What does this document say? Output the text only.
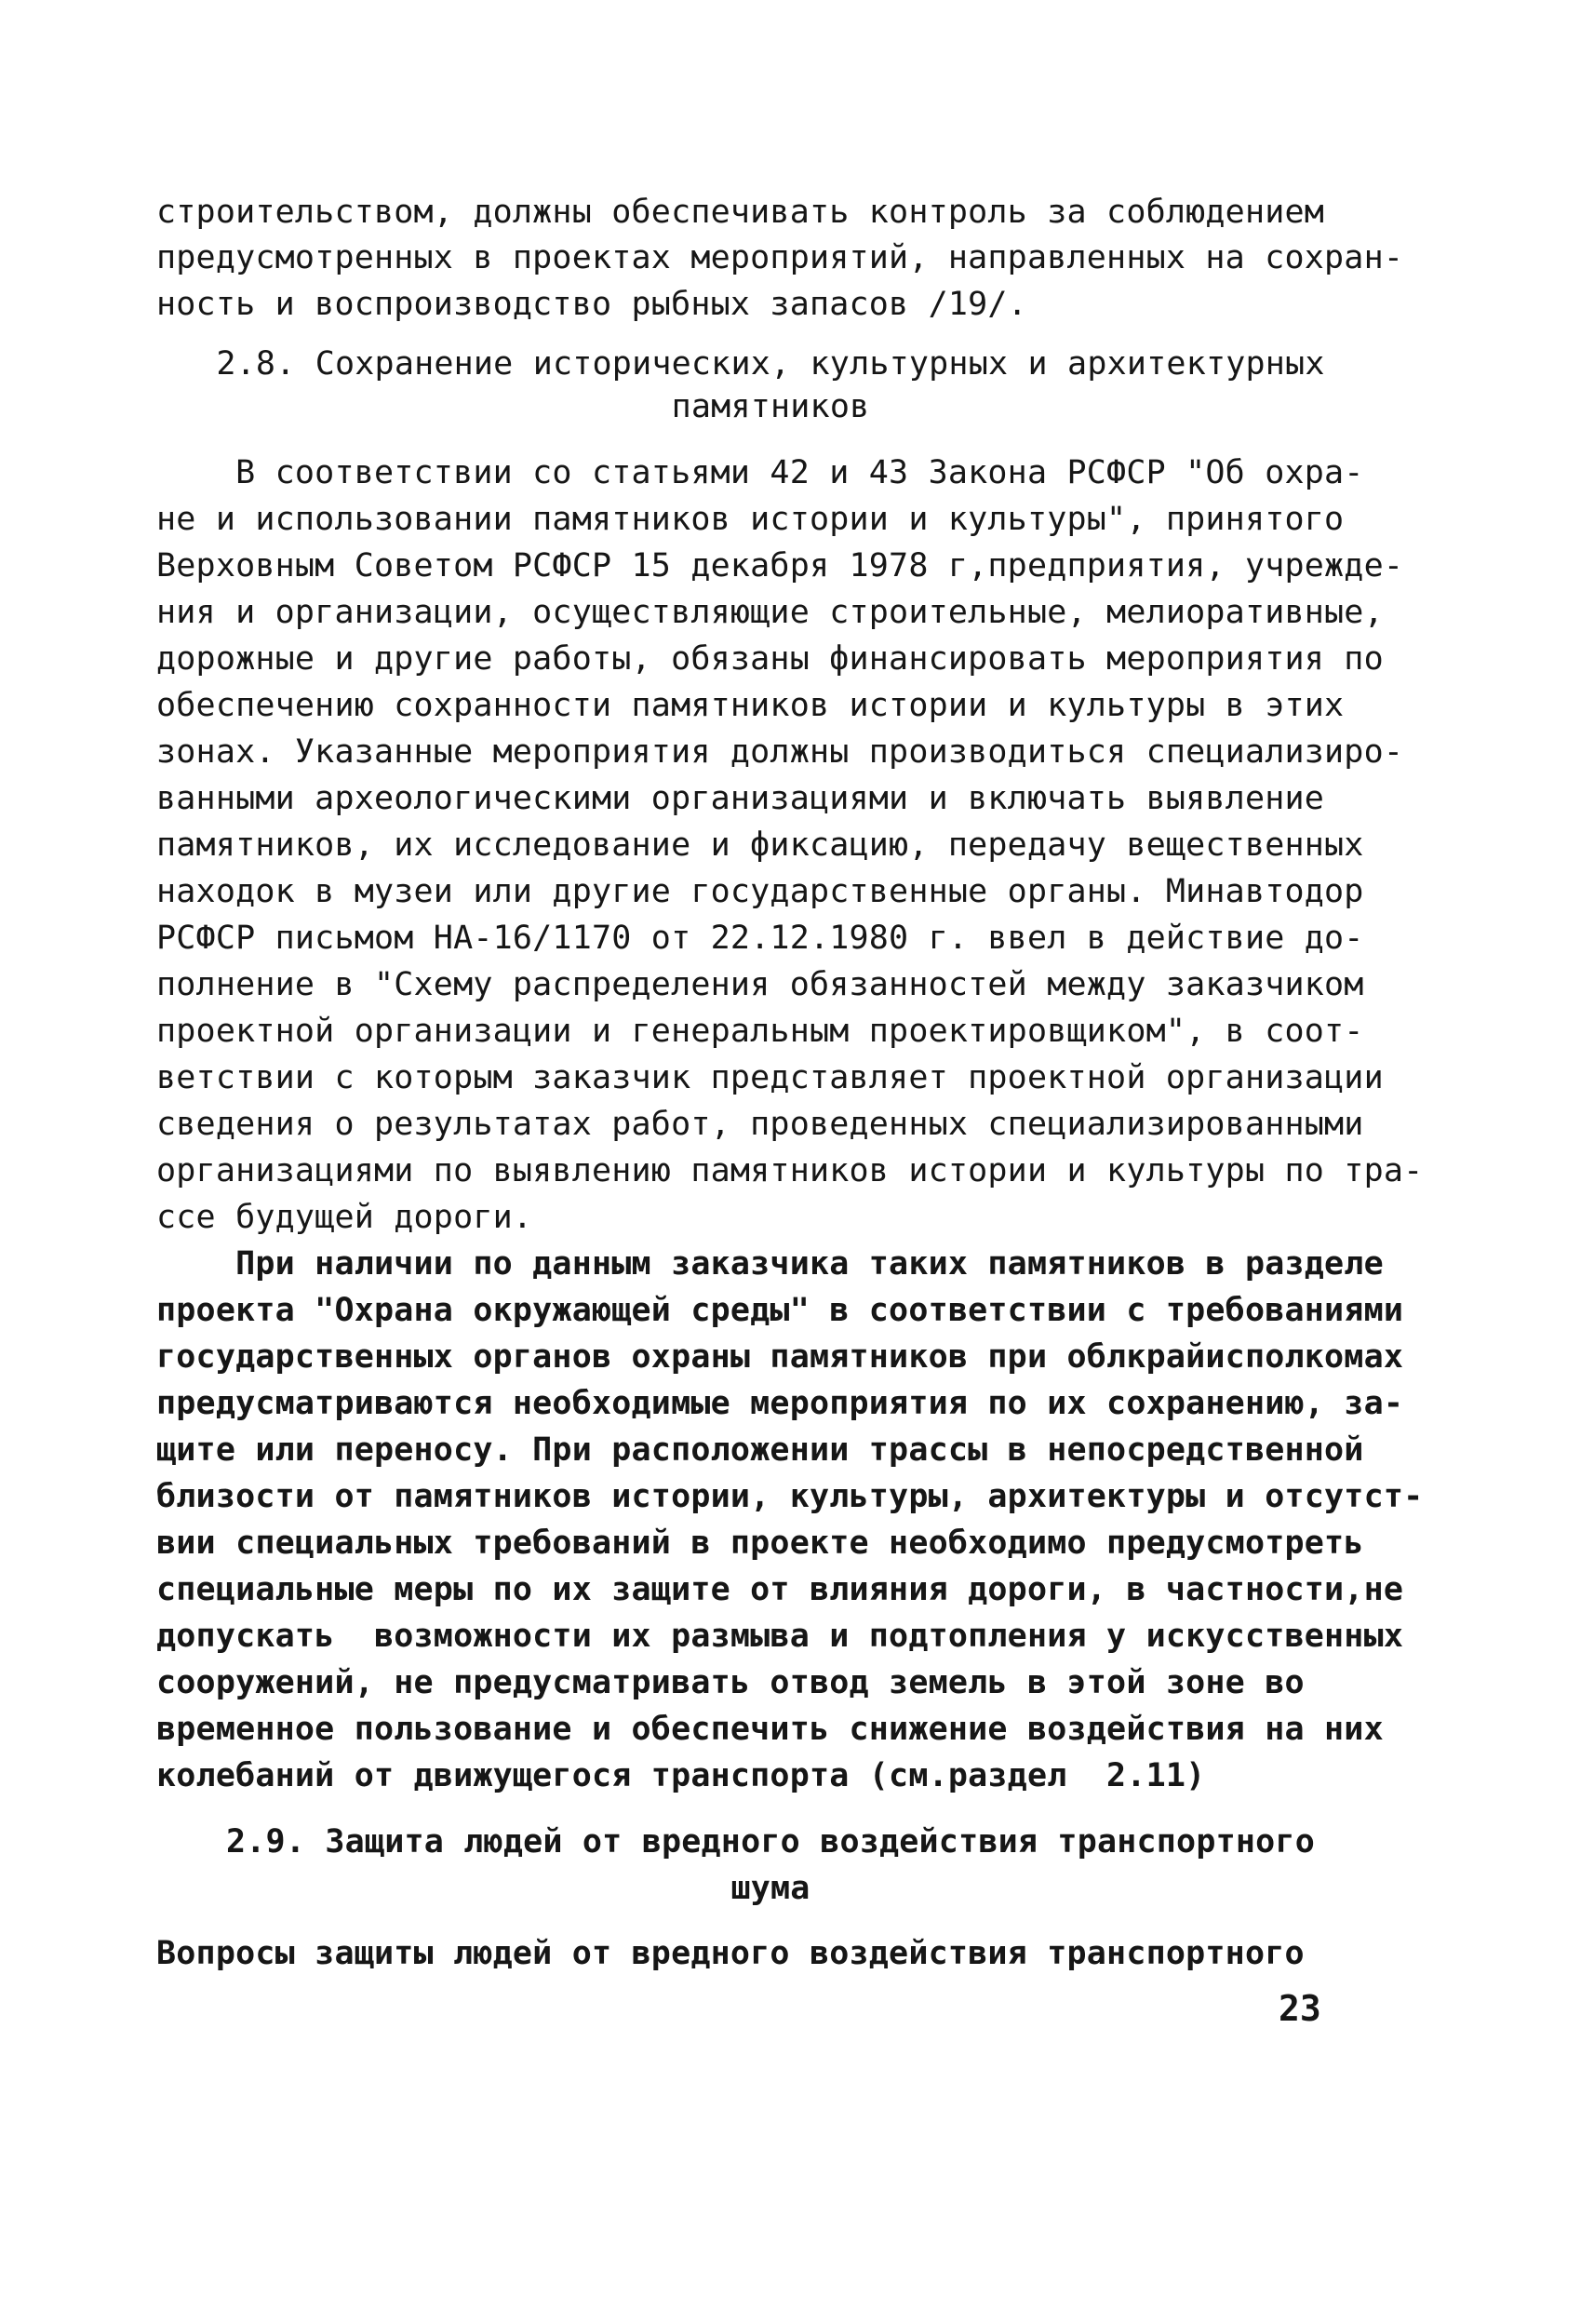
строительством, должны обеспечивать контроль за соблюдением
предусмотренных в проектах мероприятий, направленных на сохран-
ность и воспроизводство рыбных запасов /19/.
2.8. Сохранение исторических, культурных и архитектурных
памятников
В соответствии со статьями 42 и 43 Закона РСФСР "Об охра-
не и использовании памятников истории и культуры", принятого
Верховным Советом РСФСР 15 декабря 1978 г,предприятия, учрежде-
ния и организации, осуществляющие строительные, мелиоративные,
дорожные и другие работы, обязаны финансировать мероприятия по
обеспечению сохранности памятников истории и культуры в этих
зонах. Указанные мероприятия должны производиться специализиро-
ванными археологическими организациями и включать выявление
памятников, их исследование и фиксацию, передачу вещественных
находок в музеи или другие государственные органы. Минавтодор
РСФСР письмом НА-16/1170 от 22.12.1980 г. ввел в действие до-
полнение в "Схему распределения обязанностей между заказчиком
проектной организации и генеральным проектировщиком", в соот-
ветствии с которым заказчик представляет проектной организации
сведения о результатах работ, проведенных специализированными
организациями по выявлению памятников истории и культуры по тра-
ссе будущей дороги.
При наличии по данным заказчика таких памятников в разделе
проекта "Охрана окружающей среды" в соответствии с требованиями
государственных органов охраны памятников при облкрайисполкомах
предусматриваются необходимые мероприятия по их сохранению, за-
щите или переносу. При расположении трассы в непосредственной
близости от памятников истории, культуры, архитектуры и отсутст-
вии специальных требований в проекте необходимо предусмотреть
специальные меры по их защите от влияния дороги, в частности,не
допускать  возможности их размыва и подтопления у искусственных
сооружений, не предусматривать отвод земель в этой зоне во
временное пользование и обеспечить снижение воздействия на них
колебаний от движущегося транспорта (см.раздел  2.11)
2.9. Защита людей от вредного воздействия транспортного
шума
Вопросы защиты людей от вредного воздействия транспортного
23
